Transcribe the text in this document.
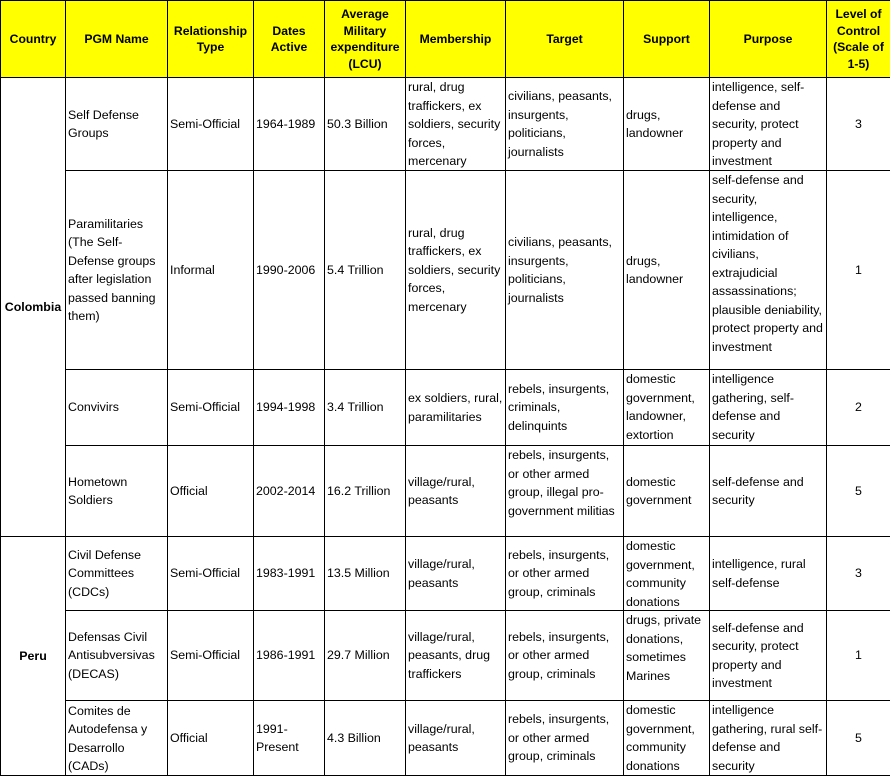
Country	PGM Name	Relationship Type	Dates Active	Average Military expenditure (LCU)	Membership	Target	Support	Purpose	Level of Control (Scale of 1-5)
Colombia	Self Defense Groups	Semi-Official	1964-1989	50.3 Billion	rural, drug traffickers, ex soldiers, security forces, mercenary	civilians, peasants, insurgents, politicians, journalists	drugs, landowner	intelligence, self-defense and security, protect property and investment	3
	Paramilitaries (The Self-Defense groups after legislation passed banning them)	Informal	1990-2006	5.4 Trillion	rural, drug traffickers, ex soldiers, security forces, mercenary	civilians, peasants, insurgents, politicians, journalists	drugs, landowner	self-defense and security, intelligence, intimidation of civilians, extrajudicial assassinations; plausible deniability, protect property and investment	1
	Convivirs	Semi-Official	1994-1998	3.4 Trillion	ex soldiers, rural, paramilitaries	rebels, insurgents, criminals, delinquints	domestic government, landowner, extortion	intelligence gathering, self-defense and security	2
	Hometown Soldiers	Official	2002-2014	16.2 Trillion	village/rural, peasants	rebels, insurgents, or other armed group, illegal pro-government militias	domestic government	self-defense and security	5
Peru	Civil Defense Committees (CDCs)	Semi-Official	1983-1991	13.5 Million	village/rural, peasants	rebels, insurgents, or other armed group, criminals	domestic government, community donations	intelligence, rural self-defense	3
	Defensas Civil Antisubversivas (DECAS)	Semi-Official	1986-1991	29.7 Million	village/rural, peasants, drug traffickers	rebels, insurgents, or other armed group, criminals	drugs, private donations, sometimes Marines	self-defense and security, protect property and investment	1

	Comites de Autodefensa y Desarrollo (CADs)	Official	1991-Present	4.3 Billion	village/rural, peasants	rebels, insurgents, or other armed group, criminals	domestic government, community donations	intelligence gathering, rural self-defense and security	5
